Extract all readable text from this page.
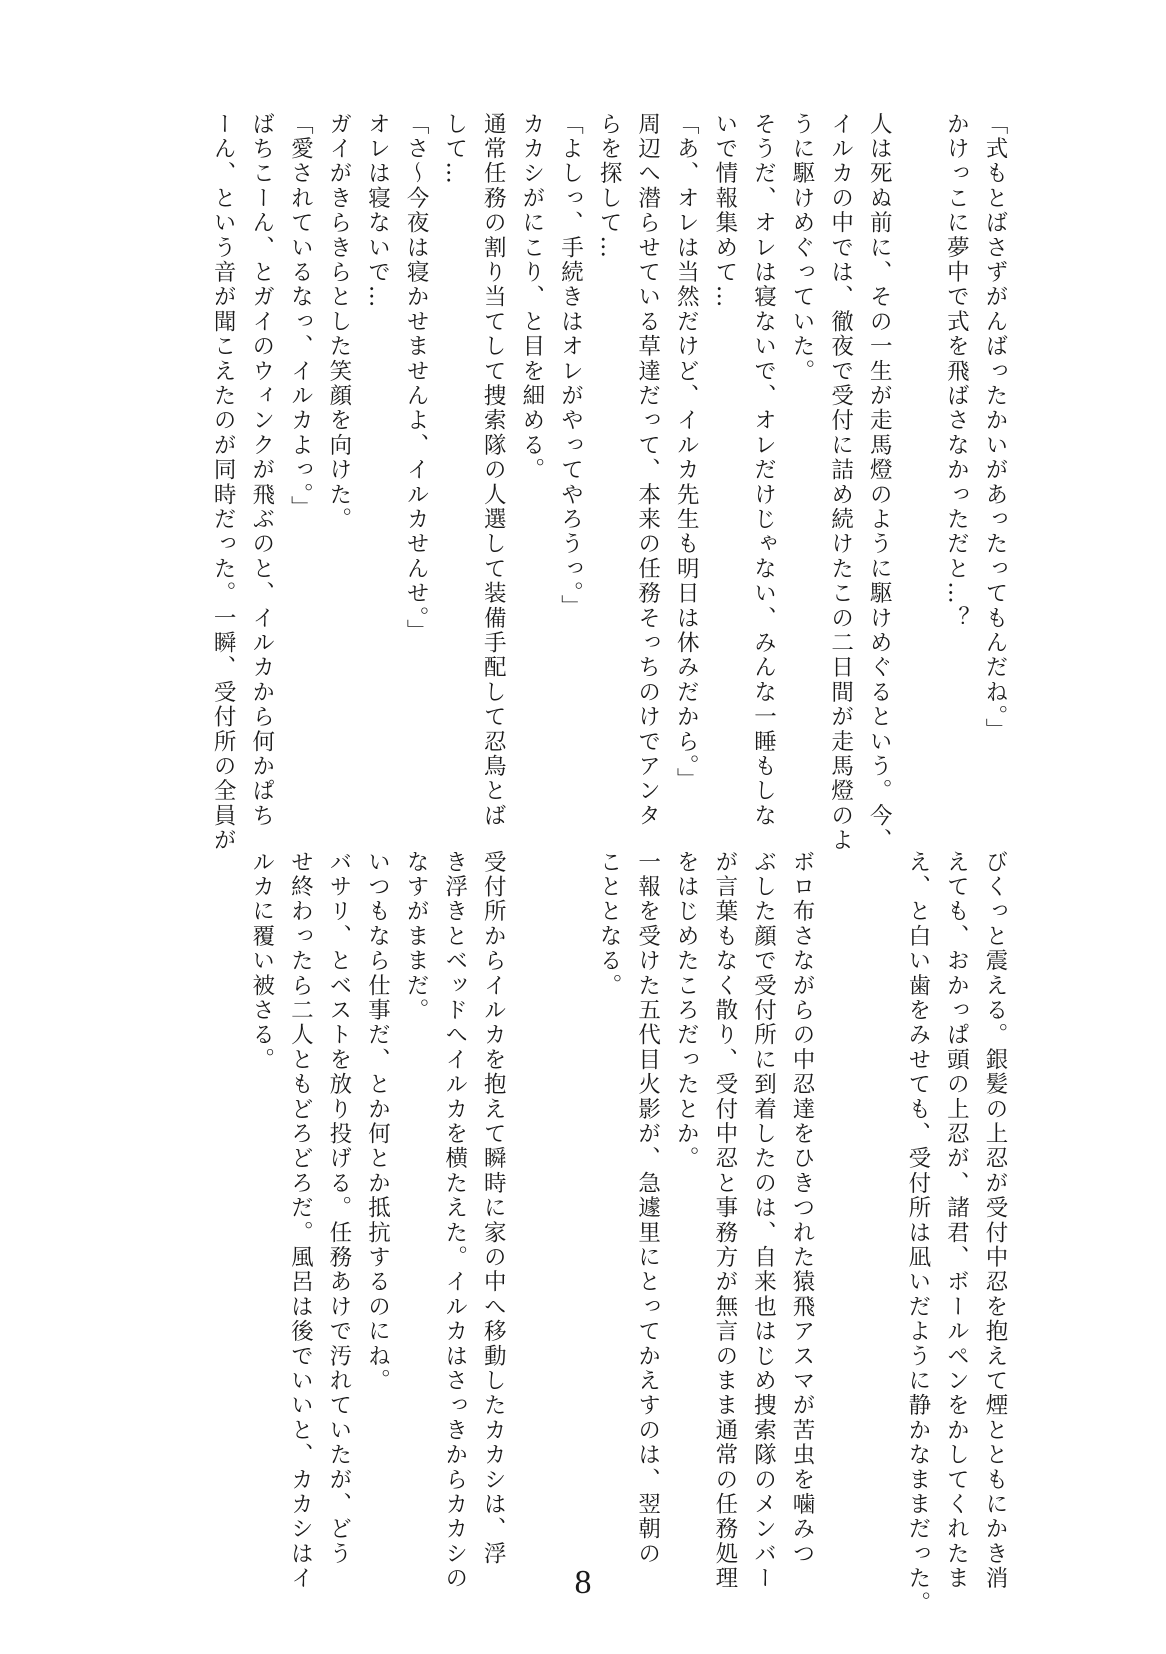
「式もとばさずがんばったかいがあったってもんだね。」
かけっこに夢中で式を飛ばさなかっただと…？
人は死ぬ前に、その一生が走馬燈のように駆けめぐるという。今、
イルカの中では、徹夜で受付に詰め続けたこの二日間が走馬燈のよ
うに駆けめぐっていた。
そうだ、オレは寝ないで、オレだけじゃない、みんな一睡もしな
いで情報集めて…
「あ、オレは当然だけど、イルカ先生も明日は休みだから。」
周辺へ潜らせている草達だって、本来の任務そっちのけでアンタ
らを探して…
「よしっ、手続きはオレがやってやろうっ。」
カカシがにこり、と目を細める。
通常任務の割り当てして捜索隊の人選して装備手配して忍鳥とば
して…
「さ～今夜は寝かせませんよ、イルカせんせ。」
オレは寝ないで…
ガイがきらきらとした笑顔を向けた。
「愛されているなっ、イルカよっ。」
ばちこーん、とガイのウィンクが飛ぶのと、イルカから何かぱち
ーん、という音が聞こえたのが同時だった。一瞬、受付所の全員が
びくっと震える。銀髪の上忍が受付中忍を抱えて煙とともにかき消
えても、おかっぱ頭の上忍が、諸君、ボールペンをかしてくれたま
え、と白い歯をみせても、受付所は凪いだように静かなままだった。
ボロ布さながらの中忍達をひきつれた猿飛アスマが苦虫を噛みつ
ぶした顔で受付所に到着したのは、自来也はじめ捜索隊のメンバー
が言葉もなく散り、受付中忍と事務方が無言のまま通常の任務処理
をはじめたころだったとか。
一報を受けた五代目火影が、急遽里にとってかえすのは、翌朝の
こととなる。
受付所からイルカを抱えて瞬時に家の中へ移動したカカシは、浮
き浮きとベッドへイルカを横たえた。イルカはさっきからカカシの
なすがままだ。
いつもなら仕事だ、とか何とか抵抗するのにね。
バサリ、とベストを放り投げる。任務あけで汚れていたが、どう
せ終わったら二人ともどろどろだ。風呂は後でいいと、カカシはイ
ルカに覆い被さる。
8
